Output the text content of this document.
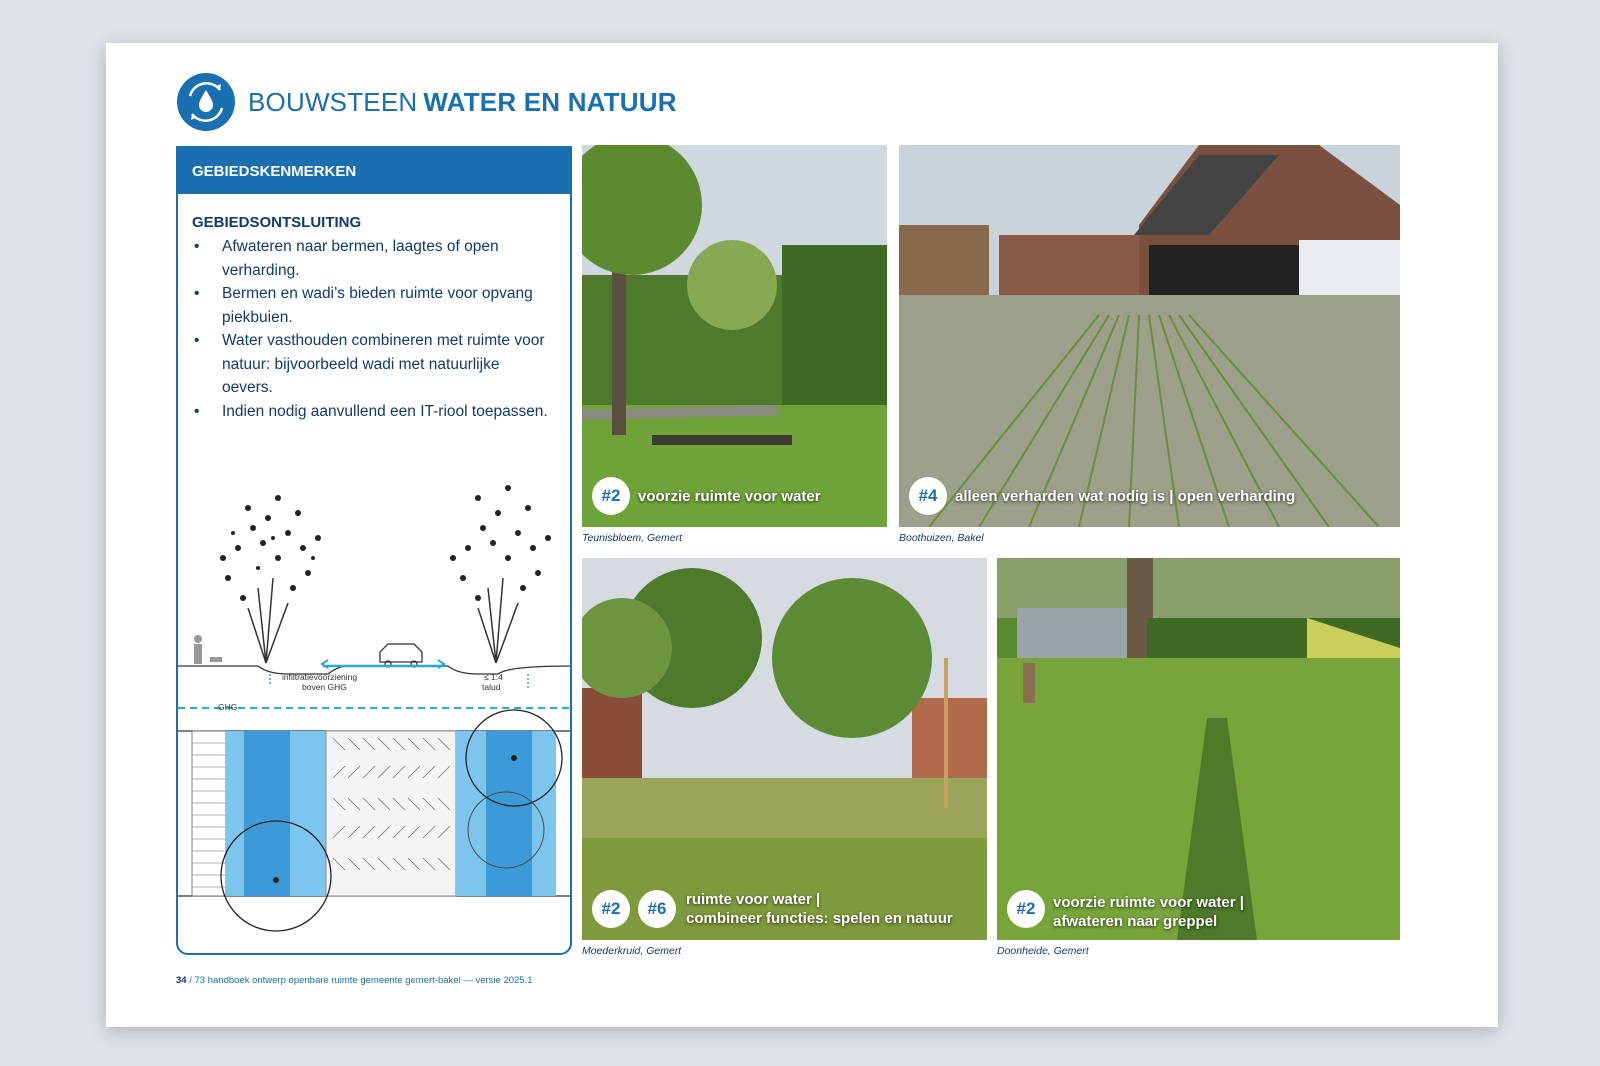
BOUWSTEEN WATER EN NATUUR
GEBIEDSKENMERKEN
GEBIEDSONTSLUITING
• Afwateren naar bermen, laagtes of open verharding.
• Bermen en wadi’s bieden ruimte voor opvang piekbuien.
• Water vasthouden combineren met ruimte voor natuur: bijvoorbeeld wadi met natuurlijke oevers.
• Indien nodig aanvullend een IT-riool toepassen.
infiltratievoorziening
boven GHG
≤ 1:4
talud
GHG
#2	voorzie ruimte voor water
Teunisbloem, Gemert
#4	alleen verharden wat nodig is | open verharding
Boothuizen, Bakel
#2	#6	ruimte voor water |
combineer functies: spelen en natuur
Moederkruid, Gemert
#2	voorzie ruimte voor water |
afwateren naar greppel
Doonheide, Gemert
34 / 73 handboek ontwerp openbare ruimte gemeente gemert-bakel — versie 2025.1
